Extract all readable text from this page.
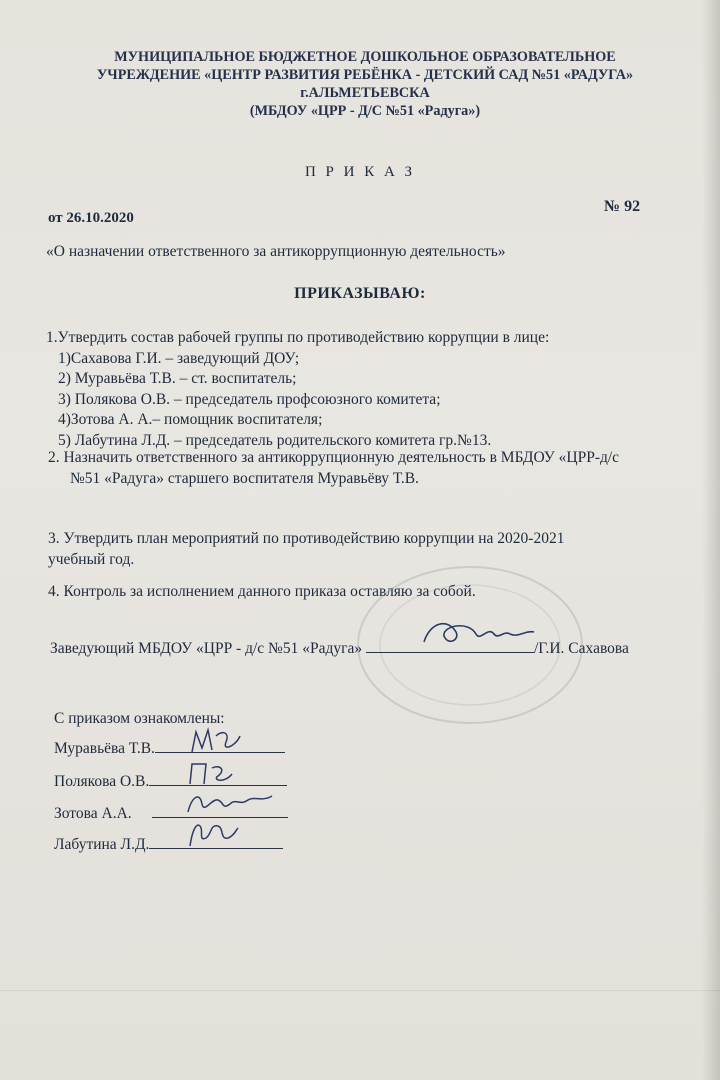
МУНИЦИПАЛЬНОЕ БЮДЖЕТНОЕ ДОШКОЛЬНОЕ ОБРАЗОВАТЕЛЬНОЕ
УЧРЕЖДЕНИЕ «ЦЕНТР РАЗВИТИЯ РЕБЁНКА - ДЕТСКИЙ САД №51 «РАДУГА»
г.АЛЬМЕТЬЕВСКА
(МБДОУ «ЦРР - Д/С №51 «Радуга»)
П Р И К А З
№ 92
от 26.10.2020
«О назначении ответственного за антикоррупционную деятельность»
ПРИКАЗЫВАЮ:
1.Утвердить состав рабочей группы по противодействию коррупции в лице:
1)Сахавова Г.И. – заведующий ДОУ;
2) Муравьёва Т.В. – ст. воспитатель;
3) Полякова О.В. – председатель профсоюзного комитета;
4)Зотова А. А.– помощник воспитателя;
5) Лабутина Л.Д. – председатель родительского комитета гр.№13.
2. Назначить ответственного за антикоррупционную деятельность в МБДОУ «ЦРР-д/с
№51 «Радуга» старшего воспитателя Муравьёву Т.В.
3. Утвердить план мероприятий по противодействию коррупции на 2020-2021
учебный год.
4. Контроль за исполнением данного приказа оставляю за собой.
Заведующий МБДОУ «ЦРР - д/с №51 «Радуга»	/Г.И. Сахавова
С приказом ознакомлены:
Муравьёва Т.В.
Полякова О.В.
Зотова А.А.
Лабутина Л.Д.
